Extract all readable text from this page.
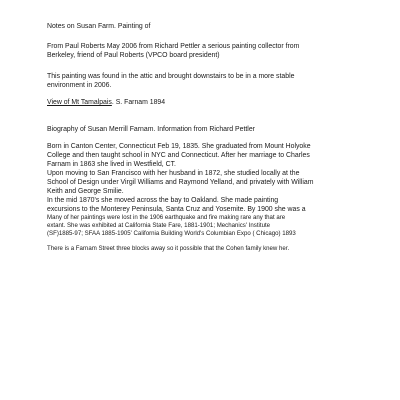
Notes on Susan Farm. Painting of
From Paul Roberts May 2006 from Richard Pettler a serious painting collector from
Berkeley, friend of Paul Roberts (VPCO board president)
This painting was found in the attic and brought downstairs to be in a more stable
environment in 2006.
View of Mt Tamalpais. S. Farnam 1894
Biography of Susan Merrill Farnam. Information from Richard Pettler
Born in Canton Center, Connecticut Feb 19, 1835. She graduated from Mount Holyoke
College and then taught school in NYC and Connecticut. After her marriage to Charles
Farnam in 1863 she lived in Westfield, CT.
Upon moving to San Francisco with her husband in 1872, she studied locally at the
School of Design under Virgil Williams and Raymond Yelland, and privately with William
Keith and George Smilie.
In the mid 1870's she moved across the bay to Oakland. She made painting
excursions to the Monterey Peninsula, Santa Cruz and Yosemite. By 1900 she was a
Many of her paintings were lost in the 1906 earthquake and fire making rare any that are
extant. She was exhibited at California State Fare, 1881-1901; Mechanics' Institute
(SF)1885-97; SFAA 1885-1905' California Building World's Columbian Expo ( Chicago) 1893
There is a Farnam Street three blocks away so it possible that the Cohen family knew her.
